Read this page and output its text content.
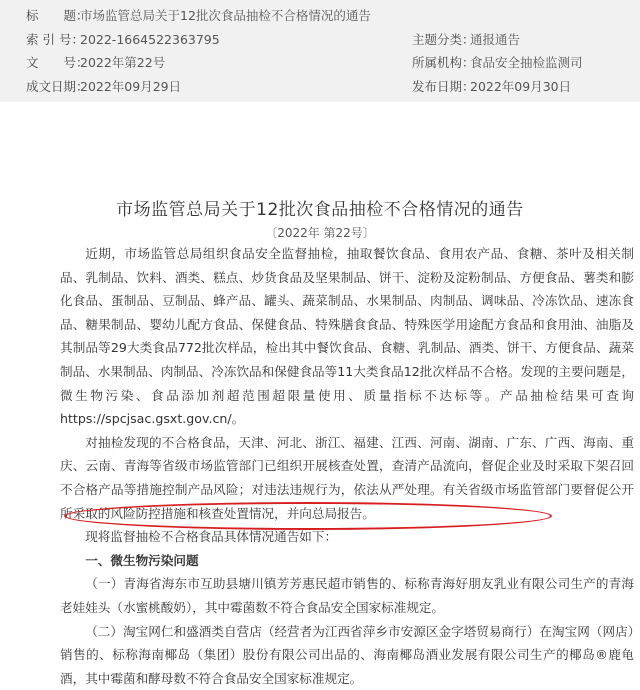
标　　题：
市场监管总局关于12批次食品抽检不合格情况的通告
索 引 号：
2022-1664522363795	主题分类：
通报通告
文　　号：
2022年第22号	所属机构：
食品安全抽检监测司
成文日期：
2022年09月29日	发布日期：
2022年09月30日
市场监管总局关于12批次食品抽检不合格情况的通告
〔2022年 第22号〕

近期，市场监管总局组织食品安全监督抽检，抽取餐饮食品、食用农产品、食糖、茶叶及相关制品、乳制品、饮料、酒类、糕点、炒货食品及坚果制品、饼干、淀粉及淀粉制品、方便食品、薯类和膨化食品、蛋制品、豆制品、蜂产品、罐头、蔬菜制品、水果制品、肉制品、调味品、冷冻饮品、速冻食品、糖果制品、婴幼儿配方食品、保健食品、特殊膳食食品、特殊医学用途配方食品和食用油、油脂及其制品等29大类食品772批次样品，检出其中餐饮食品、食糖、乳制品、酒类、饼干、方便食品、蔬菜制品、水果制品、肉制品、冷冻饮品和保健食品等11大类食品12批次样品不合格。发现的主要问题是，微生物污染、食品添加剂超范围超限量使用、质量指标不达标等。产品抽检结果可查询https://spcjsac.gsxt.gov.cn/。

对抽检发现的不合格食品，天津、河北、浙江、福建、江西、河南、湖南、广东、广西、海南、重庆、云南、青海等省级市场监管部门已组织开展核查处置，查清产品流向，督促企业及时采取下架召回不合格产品等措施控制产品风险；对违法违规行为，依法从严处理。有关省级市场监管部门要督促公开所采取的风险防控措施和核查处置情况，并向总局报告。

现将监督抽检不合格食品具体情况通告如下：

一、微生物污染问题

（一）青海省海东市互助县塘川镇芳芳惠民超市销售的、标称青海好朋友乳业有限公司生产的青海老娃娃头（水蜜桃酸奶），其中霉菌数不符合食品安全国家标准规定。

（二）淘宝网仁和盛酒类自营店（经营者为江西省萍乡市安源区金字塔贸易商行）在淘宝网（网店）销售的、标称海南椰岛（集团）股份有限公司出品的、海南椰岛酒业发展有限公司生产的椰岛®鹿龟酒，其中霉菌和酵母数不符合食品安全国家标准规定。
